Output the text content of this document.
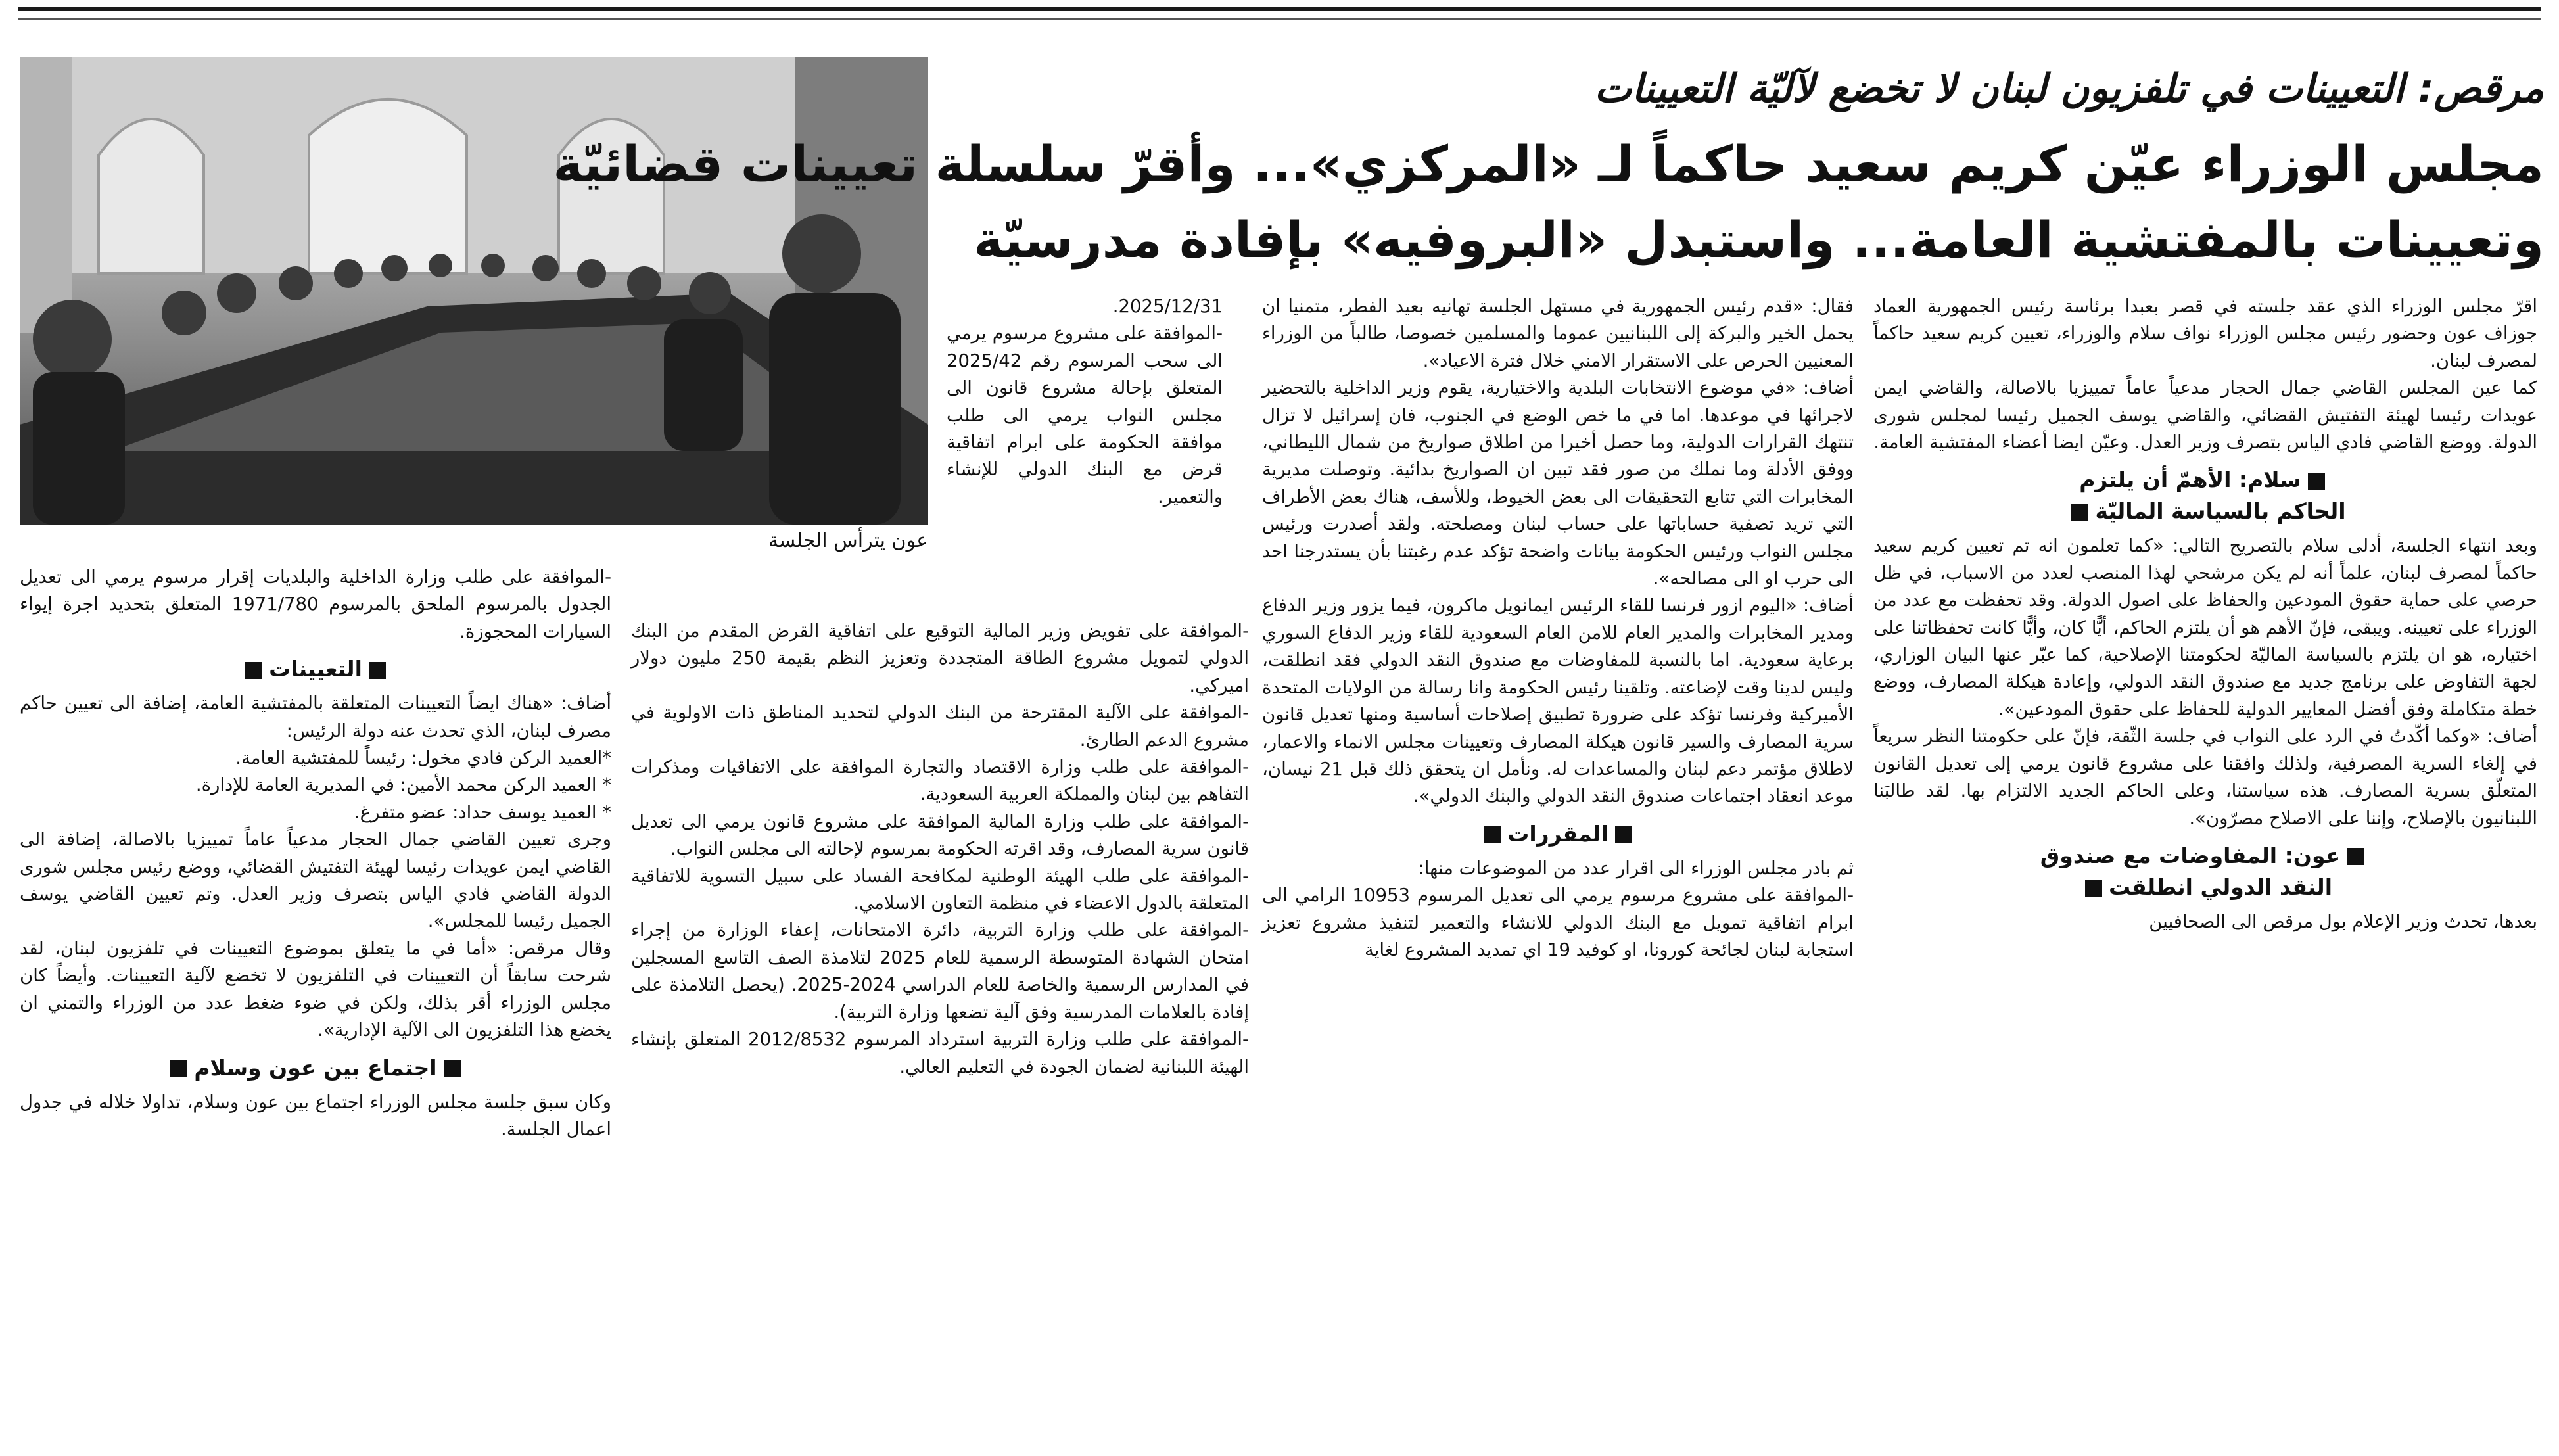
عون يترأس الجلسة
مرقص: التعيينات في تلفزيون لبنان لا تخضع لآليّة التعيينات
مجلس الوزراء عيّن كريم سعيد حاكماً لـ «المركزي»... وأقرّ سلسلة تعيينات قضائيّة
وتعيينات بالمفتشية العامة... واستبدل «البروفيه» بإفادة مدرسيّة

اقرّ مجلس الوزراء الذي عقد جلسته في قصر بعبدا برئاسة رئيس الجمهورية العماد جوزاف عون وحضور رئيس مجلس الوزراء نواف سلام والوزراء، تعيين كريم سعيد حاكماً لمصرف لبنان.

كما عين المجلس القاضي جمال الحجار مدعياً عاماً تمييزيا بالاصالة، والقاضي ايمن عويدات رئيسا لهيئة التفتيش القضائي، والقاضي يوسف الجميل رئيسا لمجلس شورى الدولة. ووضع القاضي فادي الياس بتصرف وزير العدل. وعيّن ايضا أعضاء المفتشية العامة.

سلام: الأهمّ أن يلتزم
الحاكم بالسياسة الماليّة

وبعد انتهاء الجلسة، أدلى سلام بالتصريح التالي: «كما تعلمون انه تم تعيين كريم سعيد حاكماً لمصرف لبنان، علماً أنه لم يكن مرشحي لهذا المنصب لعدد من الاسباب، في ظل حرصي على حماية حقوق المودعين والحفاظ على اصول الدولة. وقد تحفظت مع عدد من الوزراء على تعيينه. ويبقى، فإنّ الأهم هو أن يلتزم الحاكم، أيًّا كان، وأيًّا كانت تحفظاتنا على اختياره، هو ان يلتزم بالسياسة الماليّة لحكومتنا الإصلاحية، كما عبّر عنها البيان الوزاري، لجهة التفاوض على برنامج جديد مع صندوق النقد الدولي، وإعادة هيكلة المصارف، ووضع خطة متكاملة وفق أفضل المعايير الدولية للحفاظ على حقوق المودعين».

أضاف: «وكما أكّدتُ في الرد على النواب في جلسة الثّقة، فإنّ على حكومتنا النظر سريعاً في إلغاء السرية المصرفية، ولذلك وافقنا على مشروع قانون يرمي إلى تعديل القانون المتعلّق بسرية المصارف. هذه سياستنا، وعلى الحاكم الجديد الالتزام بها. لقد طالبَنا اللبنانيون بالإصلاح، وإننا على الاصلاح مصرّون».

عون: المفاوضات مع صندوق
النقد الدولي انطلقت

بعدها، تحدث وزير الإعلام بول مرقص الى الصحافيين

فقال: «قدم رئيس الجمهورية في مستهل الجلسة تهانيه بعيد الفطر، متمنيا ان يحمل الخير والبركة إلى اللبنانيين عموما والمسلمين خصوصا، طالباً من الوزراء المعنيين الحرص على الاستقرار الامني خلال فترة الاعياد».

أضاف: «في موضوع الانتخابات البلدية والاختيارية، يقوم وزير الداخلية بالتحضير لاجرائها في موعدها. اما في ما خص الوضع في الجنوب، فان إسرائيل لا تزال تنتهك القرارات الدولية، وما حصل أخيرا من اطلاق صواريخ من شمال الليطاني، ووفق الأدلة وما نملك من صور فقد تبين ان الصواريخ بدائية. وتوصلت مديرية المخابرات التي تتابع التحقيقات الى بعض الخيوط، وللأسف، هناك بعض الأطراف التي تريد تصفية حساباتها على حساب لبنان ومصلحته. ولقد أصدرت ورئيس مجلس النواب ورئيس الحكومة بيانات واضحة تؤكد عدم رغبتنا بأن يستدرجنا احد الى حرب او الى مصالحه».

أضاف: «اليوم ازور فرنسا للقاء الرئيس ايمانويل ماكرون، فيما يزور وزير الدفاع ومدير المخابرات والمدير العام للامن العام السعودية للقاء وزير الدفاع السوري برعاية سعودية. اما بالنسبة للمفاوضات مع صندوق النقد الدولي فقد انطلقت، وليس لدينا وقت لإضاعته. وتلقينا رئيس الحكومة وانا رسالة من الولايات المتحدة الأميركية وفرنسا تؤكد على ضرورة تطبيق إصلاحات أساسية ومنها تعديل قانون سرية المصارف والسير قانون هيكلة المصارف وتعيينات مجلس الانماء والاعمار، لاطلاق مؤتمر دعم لبنان والمساعدات له. ونأمل ان يتحقق ذلك قبل 21 نيسان، موعد انعقاد اجتماعات صندوق النقد الدولي والبنك الدولي».

المقررات

ثم بادر مجلس الوزراء الى اقرار عدد من الموضوعات منها:

-الموافقة على مشروع مرسوم يرمي الى تعديل المرسوم 10953 الرامي الى ابرام اتفاقية تمويل مع البنك الدولي للانشاء والتعمير لتنفيذ مشروع تعزيز استجابة لبنان لجائحة كورونا، او كوفيد 19 اي تمديد المشروع لغاية

2025/12/31.

-الموافقة على مشروع مرسوم يرمي الى سحب المرسوم رقم 2025/42 المتعلق بإحالة مشروع قانون الى مجلس النواب يرمي الى طلب موافقة الحكومة على ابرام اتفاقية قرض مع البنك الدولي للإنشاء والتعمير.

-الموافقة على تفويض وزير المالية التوقيع على اتفاقية القرض المقدم من البنك الدولي لتمويل مشروع الطاقة المتجددة وتعزيز النظم بقيمة 250 مليون دولار اميركي.

-الموافقة على الآلية المقترحة من البنك الدولي لتحديد المناطق ذات الاولوية في مشروع الدعم الطارئ.

-الموافقة على طلب وزارة الاقتصاد والتجارة الموافقة على الاتفاقيات ومذكرات التفاهم بين لبنان والمملكة العربية السعودية.

-الموافقة على طلب وزارة المالية الموافقة على مشروع قانون يرمي الى تعديل قانون سرية المصارف، وقد اقرته الحكومة بمرسوم لإحالته الى مجلس النواب.

-الموافقة على طلب الهيئة الوطنية لمكافحة الفساد على سبيل التسوية للاتفاقية المتعلقة بالدول الاعضاء في منظمة التعاون الاسلامي.

-الموافقة على طلب وزارة التربية، دائرة الامتحانات، إعفاء الوزارة من إجراء امتحان الشهادة المتوسطة الرسمية للعام 2025 لتلامذة الصف التاسع المسجلين في المدارس الرسمية والخاصة للعام الدراسي 2024-2025. (يحصل التلامذة على إفادة بالعلامات المدرسية وفق آلية تضعها وزارة التربية).

-الموافقة على طلب وزارة التربية استرداد المرسوم 2012/8532 المتعلق بإنشاء الهيئة اللبنانية لضمان الجودة في التعليم العالي.

-الموافقة على طلب وزارة الداخلية والبلديات إقرار مرسوم يرمي الى تعديل الجدول بالمرسوم الملحق بالمرسوم 1971/780 المتعلق بتحديد اجرة إيواء السيارات المحجوزة.

التعيينات

أضاف: «هناك ايضاً التعيينات المتعلقة بالمفتشية العامة، إضافة الى تعيين حاكم مصرف لبنان، الذي تحدث عنه دولة الرئيس:

*العميد الركن فادي مخول: رئيساً للمفتشية العامة.

* العميد الركن محمد الأمين: في المديرية العامة للإدارة.

* العميد يوسف حداد: عضو متفرغ.

وجرى تعيين القاضي جمال الحجار مدعياً عاماً تمييزيا بالاصالة، إضافة الى القاضي ايمن عويدات رئيسا لهيئة التفتيش القضائي، ووضع رئيس مجلس شورى الدولة القاضي فادي الياس بتصرف وزير العدل. وتم تعيين القاضي يوسف الجميل رئيسا للمجلس».

وقال مرقص: «أما في ما يتعلق بموضوع التعيينات في تلفزيون لبنان، لقد شرحت سابقاً أن التعيينات في التلفزيون لا تخضع لآلية التعيينات. وأيضاً كان مجلس الوزراء أقر بذلك، ولكن في ضوء ضغط عدد من الوزراء والتمني ان يخضع هذا التلفزيون الى الآلية الإدارية».

اجتماع بين عون وسلام

وكان سبق جلسة مجلس الوزراء اجتماع بين عون وسلام، تداولا خلاله في جدول اعمال الجلسة.
